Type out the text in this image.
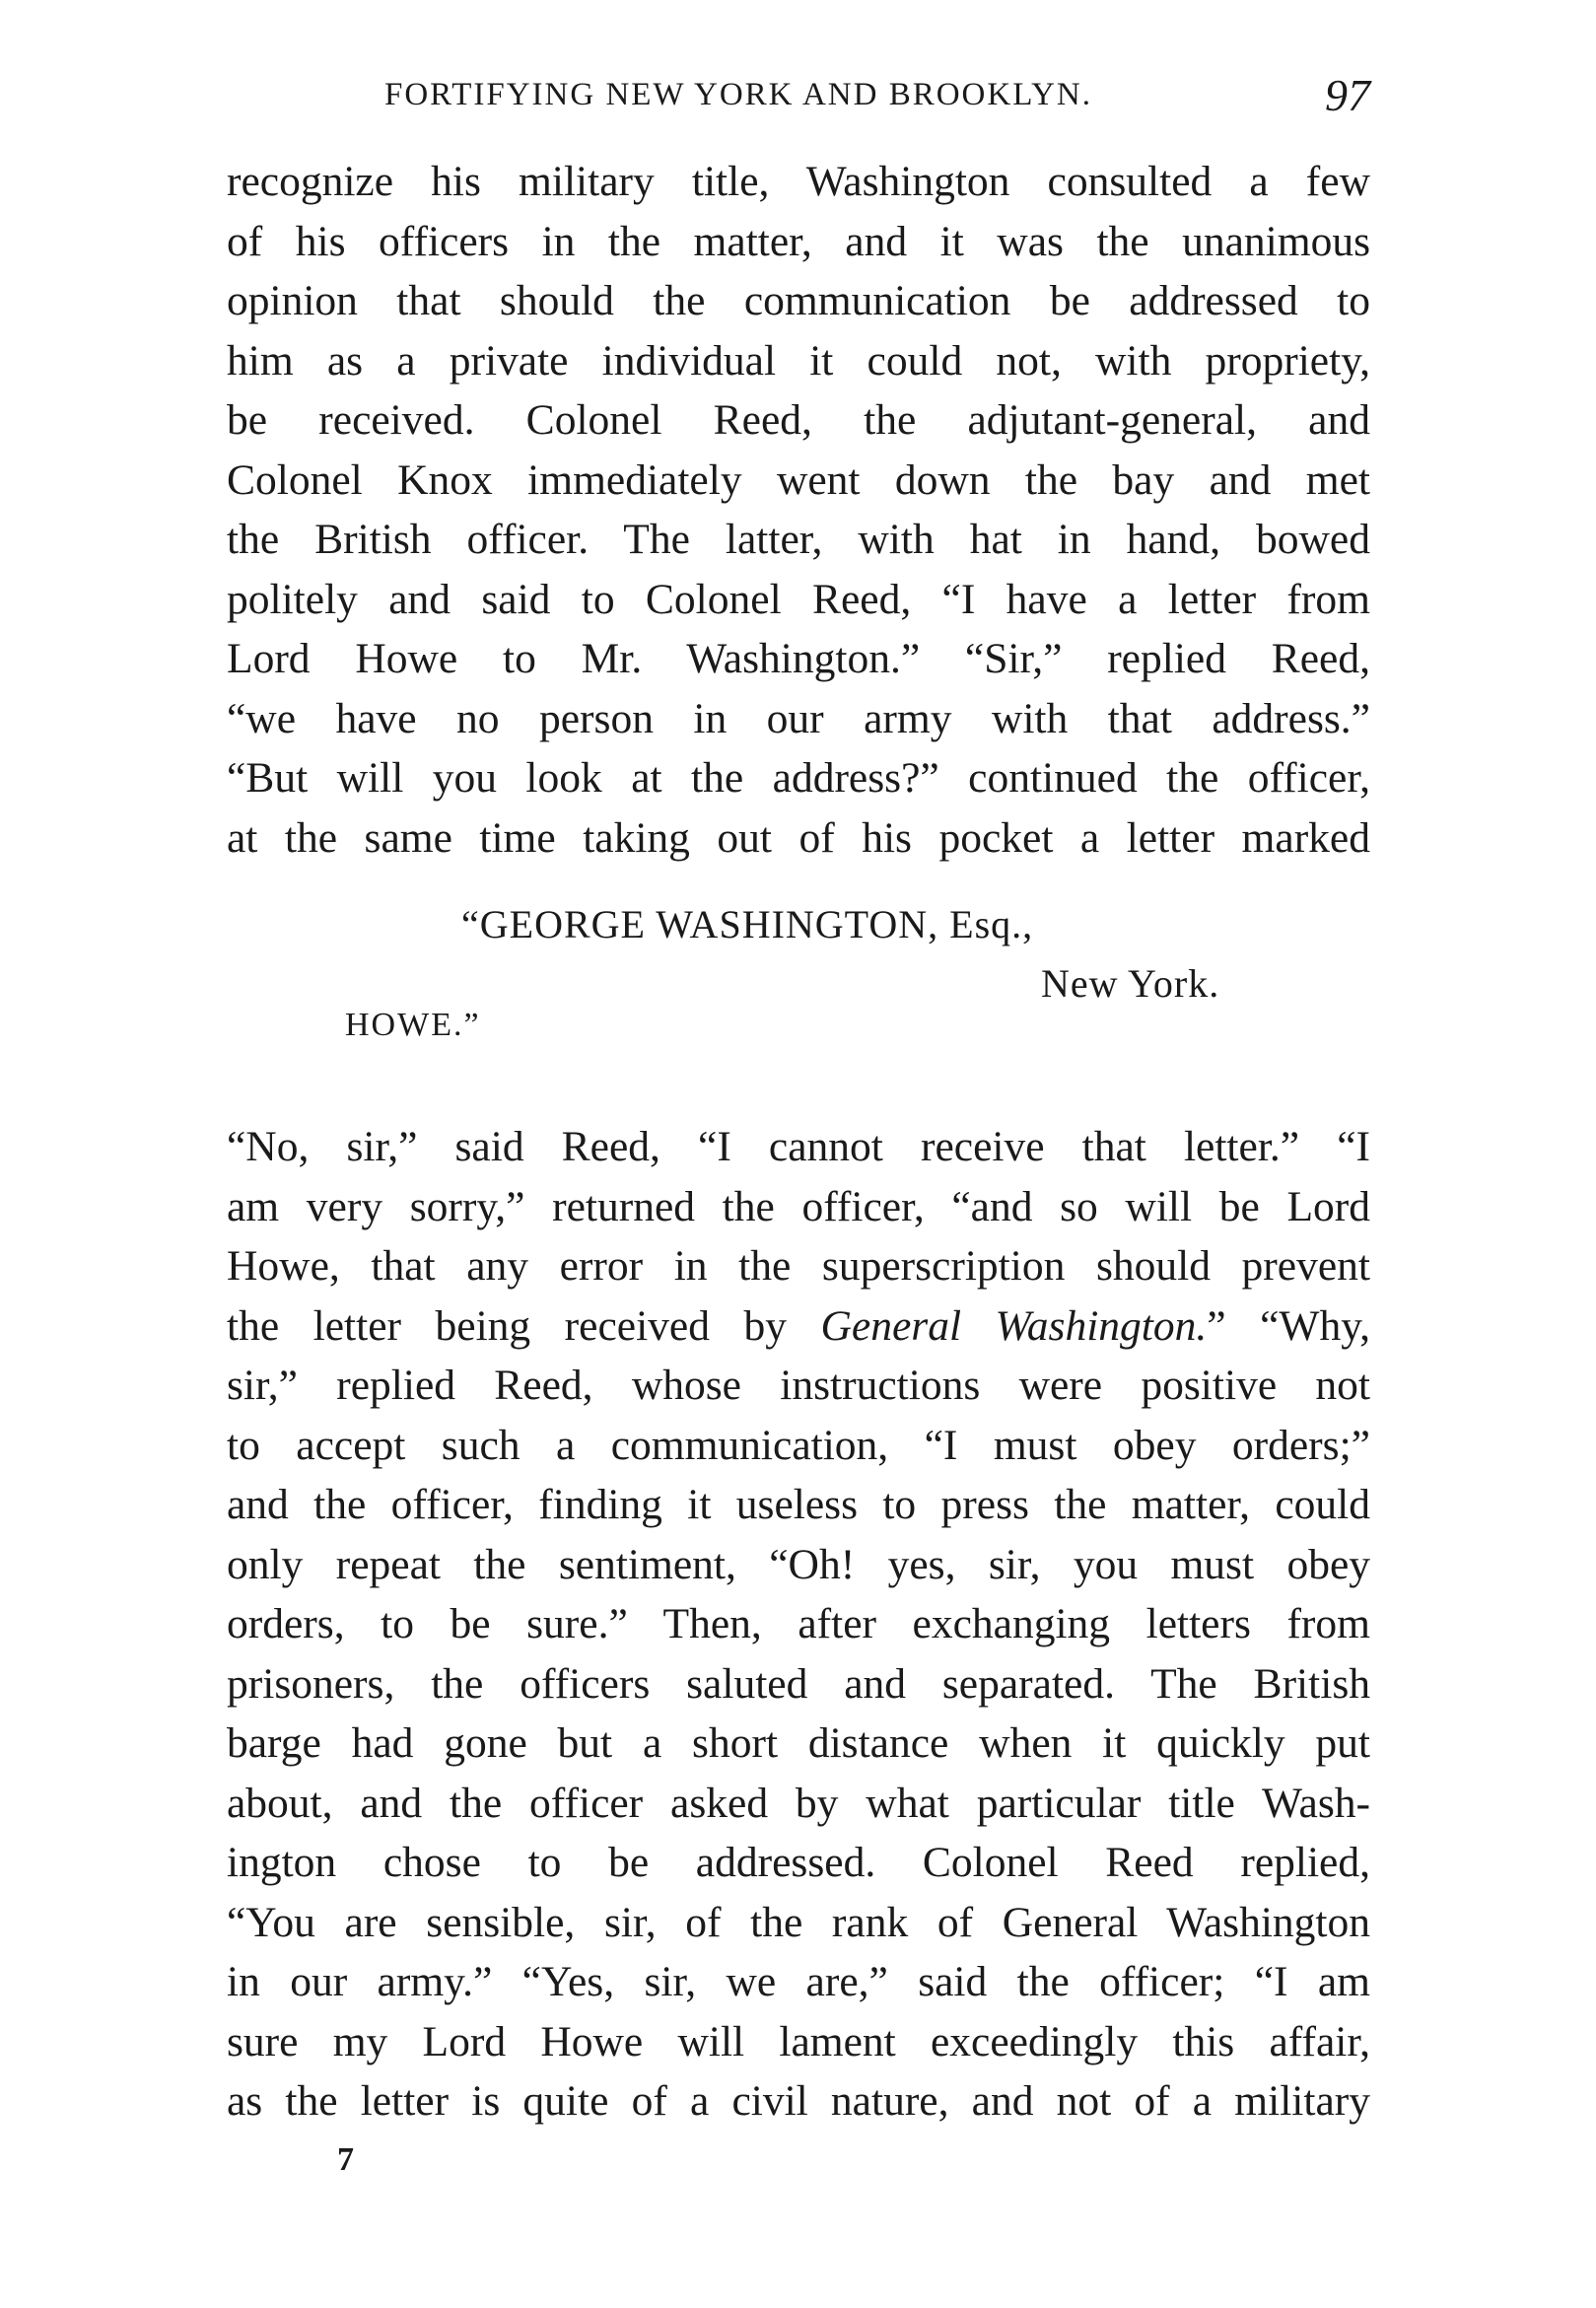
FORTIFYING NEW YORK AND BROOKLYN.	97
recognize his military title, Washington consulted a few
of his officers in the matter, and it was the unanimous
opinion that should the communication be addressed to
him as a private individual it could not, with propriety,
be received. Colonel Reed, the adjutant-general, and
Colonel Knox immediately went down the bay and met
the British officer. The latter, with hat in hand, bowed
politely and said to Colonel Reed, “I have a letter from
Lord Howe to Mr. Washington.” “Sir,” replied Reed,
“we have no person in our army with that address.”
“But will you look at the address?” continued the officer,
at the same time taking out of his pocket a letter marked
“GEORGE WASHINGTON, Esq.,
New York.
HOWE.”
“No, sir,” said Reed, “I cannot receive that letter.” “I
am very sorry,” returned the officer, “and so will be Lord
Howe, that any error in the superscription should prevent
the letter being received by General Washington.” “Why,
sir,” replied Reed, whose instructions were positive not
to accept such a communication, “I must obey orders;”
and the officer, finding it useless to press the matter, could
only repeat the sentiment, “Oh! yes, sir, you must obey
orders, to be sure.” Then, after exchanging letters from
prisoners, the officers saluted and separated. The British
barge had gone but a short distance when it quickly put
about, and the officer asked by what particular title Wash-
ington chose to be addressed. Colonel Reed replied,
“You are sensible, sir, of the rank of General Washington
in our army.” “Yes, sir, we are,” said the officer; “I am
sure my Lord Howe will lament exceedingly this affair,
as the letter is quite of a civil nature, and not of a military
7
